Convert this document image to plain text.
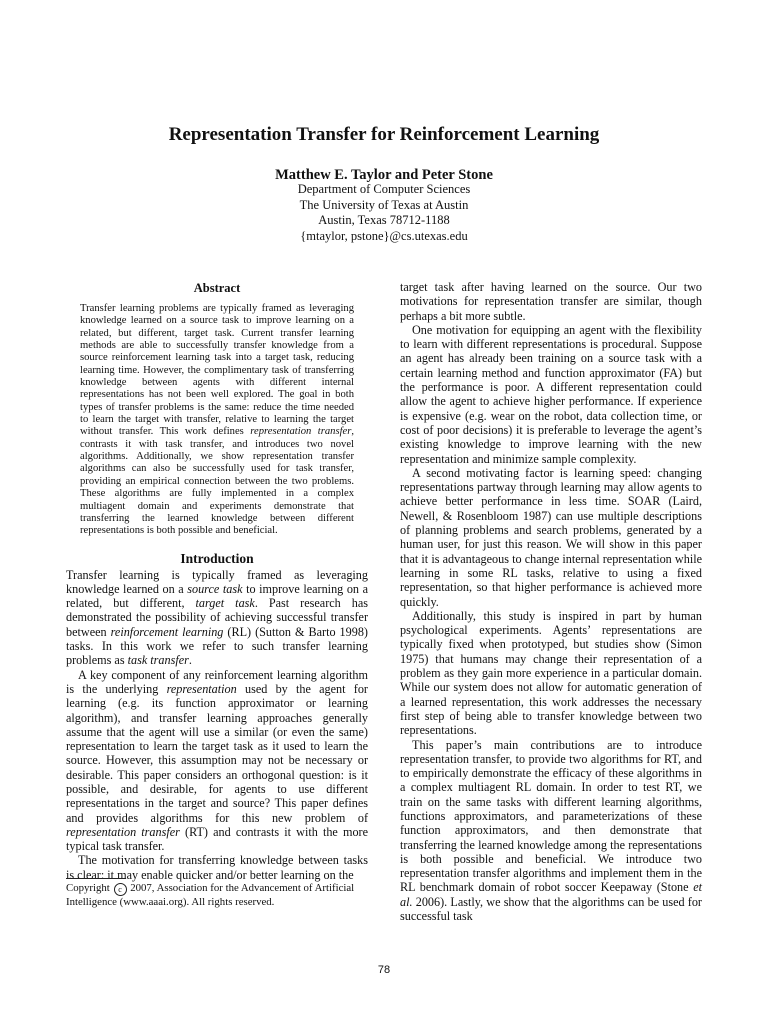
Representation Transfer for Reinforcement Learning
Matthew E. Taylor and Peter Stone
Department of Computer Sciences
The University of Texas at Austin
Austin, Texas 78712-1188
{mtaylor, pstone}@cs.utexas.edu
Abstract

Transfer learning problems are typically framed as leveraging knowledge learned on a source task to improve learning on a related, but different, target task. Current transfer learning methods are able to successfully transfer knowledge from a source reinforcement learning task into a target task, reducing learning time. However, the complimentary task of transferring knowledge between agents with different internal representations has not been well explored. The goal in both types of transfer problems is the same: reduce the time needed to learn the target with transfer, relative to learning the target without transfer. This work defines representation transfer, contrasts it with task transfer, and introduces two novel algorithms. Additionally, we show representation transfer algorithms can also be successfully used for task transfer, providing an empirical connection between the two problems. These algorithms are fully implemented in a complex multiagent domain and experiments demonstrate that transferring the learned knowledge between different representations is both possible and beneficial.

Introduction

Transfer learning is typically framed as leveraging knowledge learned on a source task to improve learning on a related, but different, target task. Past research has demonstrated the possibility of achieving successful transfer between reinforcement learning (RL) (Sutton & Barto 1998) tasks. In this work we refer to such transfer learning problems as task transfer.

A key component of any reinforcement learning algorithm is the underlying representation used by the agent for learning (e.g. its function approximator or learning algorithm), and transfer learning approaches generally assume that the agent will use a similar (or even the same) representation to learn the target task as it used to learn the source. However, this assumption may not be necessary or desirable. This paper considers an orthogonal question: is it possible, and desirable, for agents to use different representations in the target and source? This paper defines and provides algorithms for this new problem of representation transfer (RT) and contrasts it with the more typical task transfer.

The motivation for transferring knowledge between tasks is clear: it may enable quicker and/or better learning on the

target task after having learned on the source. Our two motivations for representation transfer are similar, though perhaps a bit more subtle.

One motivation for equipping an agent with the flexibility to learn with different representations is procedural. Suppose an agent has already been training on a source task with a certain learning method and function approximator (FA) but the performance is poor. A different representation could allow the agent to achieve higher performance. If experience is expensive (e.g. wear on the robot, data collection time, or cost of poor decisions) it is preferable to leverage the agent’s existing knowledge to improve learning with the new representation and minimize sample complexity.

A second motivating factor is learning speed: changing representations partway through learning may allow agents to achieve better performance in less time. SOAR (Laird, Newell, & Rosenbloom 1987) can use multiple descriptions of planning problems and search problems, generated by a human user, for just this reason. We will show in this paper that it is advantageous to change internal representation while learning in some RL tasks, relative to using a fixed representation, so that higher performance is achieved more quickly.

Additionally, this study is inspired in part by human psychological experiments. Agents’ representations are typically fixed when prototyped, but studies show (Simon 1975) that humans may change their representation of a problem as they gain more experience in a particular domain. While our system does not allow for automatic generation of a learned representation, this work addresses the necessary first step of being able to transfer knowledge between two representations.

This paper’s main contributions are to introduce representation transfer, to provide two algorithms for RT, and to empirically demonstrate the efficacy of these algorithms in a complex multiagent RL domain. In order to test RT, we train on the same tasks with different learning algorithms, functions approximators, and parameterizations of these function approximators, and then demonstrate that transferring the learned knowledge among the representations is both possible and beneficial. We introduce two representation transfer algorithms and implement them in the RL benchmark domain of robot soccer Keepaway (Stone et al. 2006). Lastly, we show that the algorithms can be used for successful task

Copyright c 2007, Association for the Advancement of Artificial Intelligence (www.aaai.org). All rights reserved.
78
